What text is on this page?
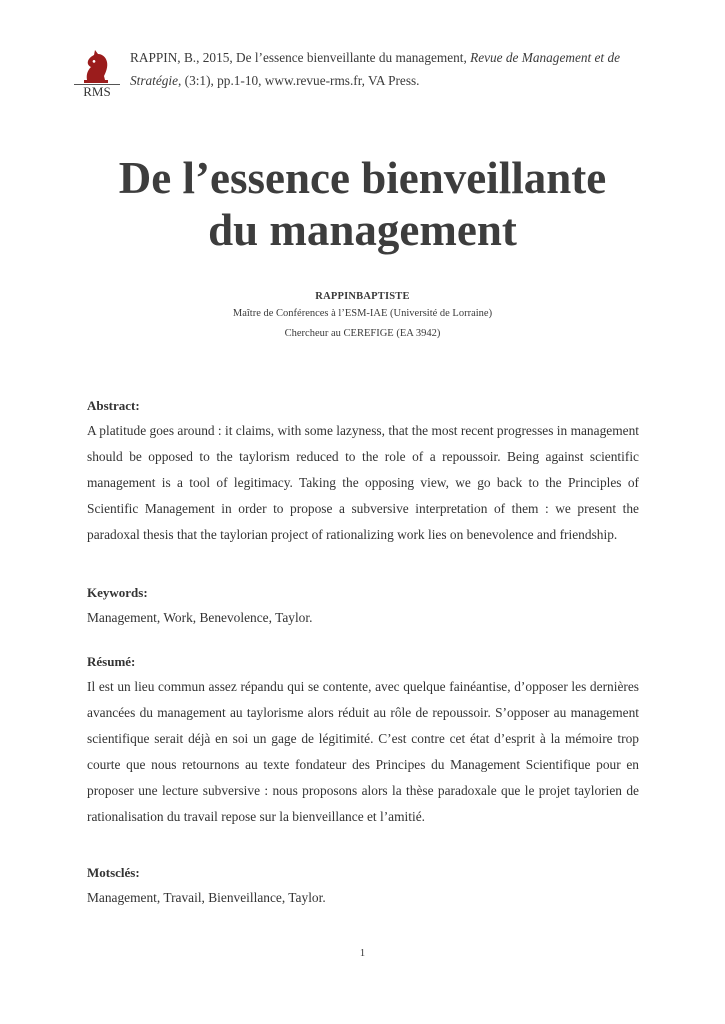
RMS
RAPPIN, B., 2015, De l’essence bienveillante du management, Revue de Management et de Stratégie, (3:1), pp.1-10, www.revue-rms.fr, VA Press.
De l’essence bienveillante
du management
RAPPINBAPTISTE
Maître de Conférences à l’ESM-IAE (Université de Lorraine)
Chercheur au CEREFIGE (EA 3942)
Abstract:

A platitude goes around : it claims, with some lazyness, that the most recent progresses in management should be opposed to the taylorism reduced to the role of a repoussoir. Being against scientific management is a tool of legitimacy. Taking the opposing view, we go back to the Principles of Scientific Management in order to propose a subversive interpretation of them : we present the paradoxal thesis that the taylorian project of rationalizing work lies on benevolence and friendship.

Keywords:

Management, Work, Benevolence, Taylor.

Résumé:

Il est un lieu commun assez répandu qui se contente, avec quelque fainéantise, d’opposer les dernières avancées du management au taylorisme alors réduit au rôle de repoussoir. S’opposer au management scientifique serait déjà en soi un gage de légitimité. C’est contre cet état d’esprit à la mémoire trop courte que nous retournons au texte fondateur des Principes du Management Scientifique pour en proposer une lecture subversive : nous proposons alors la thèse paradoxale que le projet taylorien de rationalisation du travail repose sur la bienveillance et l’amitié.

Motsclés:

Management, Travail, Bienveillance, Taylor.

1
